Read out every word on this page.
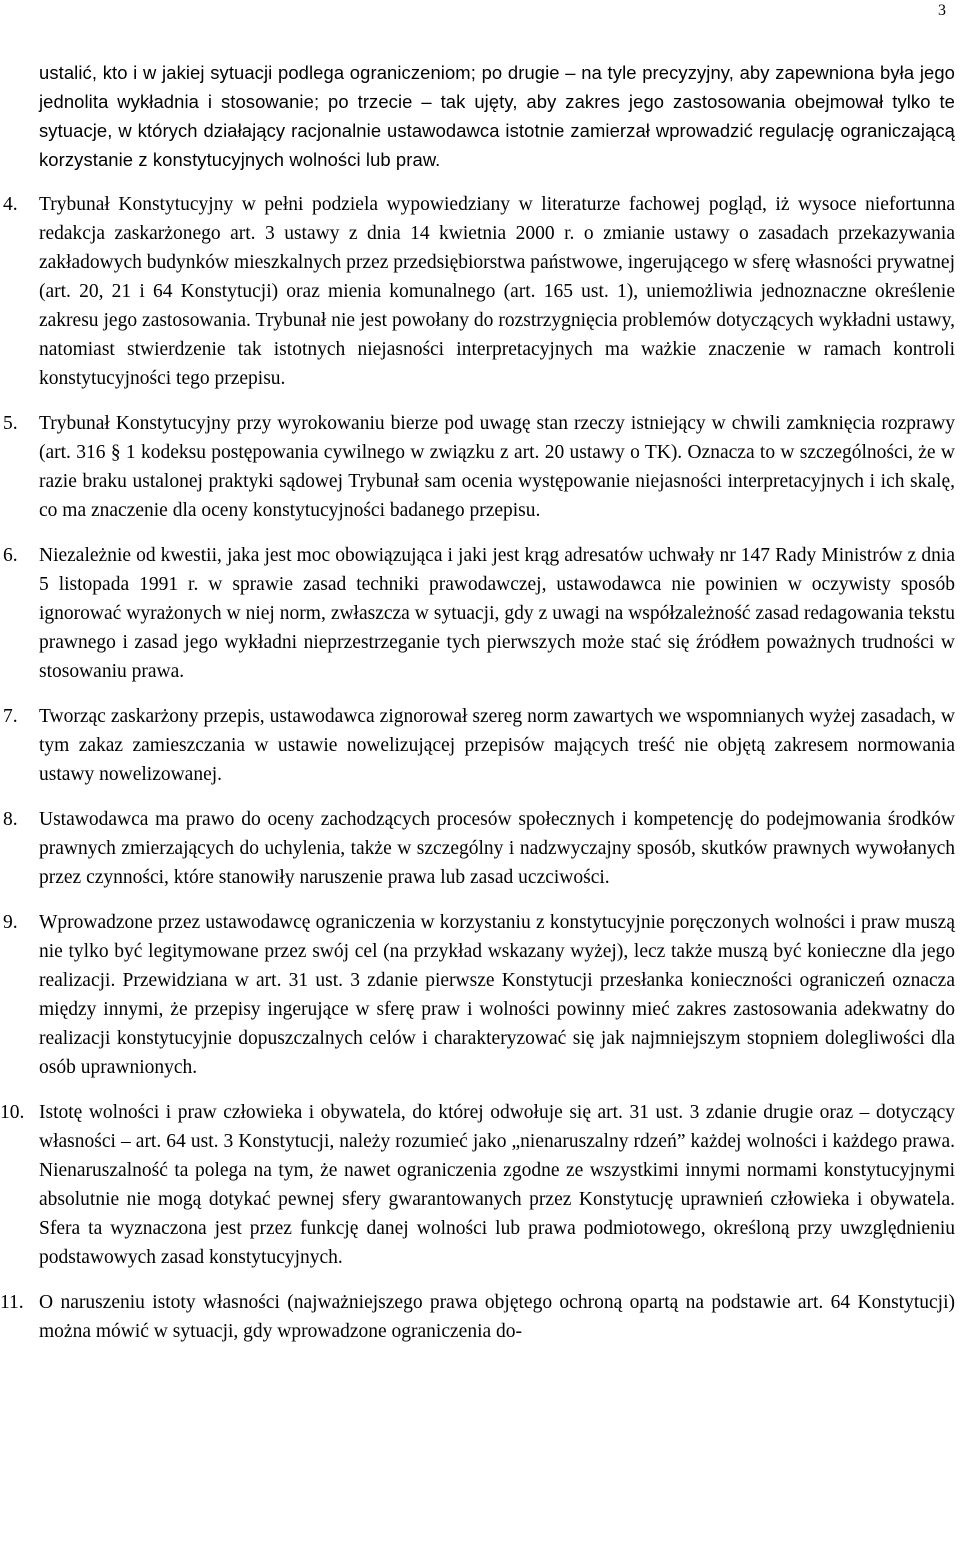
3

ustalić, kto i w jakiej sytuacji podlega ograniczeniom; po drugie – na tyle precyzyjny, aby zapewniona była jego jednolita wykładnia i stosowanie; po trzecie – tak ujęty, aby zakres jego zastosowania obejmował tylko te sytuacje, w których działający racjonalnie ustawodawca istotnie zamierzał wprowadzić regulację ograniczającą korzystanie z konstytucyjnych wolności lub praw.

4.	Trybunał Konstytucyjny w pełni podziela wypowiedziany w literaturze fachowej pogląd, iż wysoce niefortunna redakcja zaskarżonego art. 3 ustawy z dnia 14 kwietnia 2000 r. o zmianie ustawy o zasadach przekazywania zakładowych budynków mieszkalnych przez przedsiębiorstwa państwowe, ingerującego w sferę własności prywatnej (art. 20, 21 i 64 Konstytucji) oraz mienia komunalnego (art. 165 ust. 1), uniemożliwia jednoznaczne określenie zakresu jego zastosowania. Trybunał nie jest powołany do rozstrzygnięcia problemów dotyczących wykładni ustawy, natomiast stwierdzenie tak istotnych niejasności interpretacyjnych ma ważkie znaczenie w ramach kontroli konstytucyjności tego przepisu.
5.	Trybunał Konstytucyjny przy wyrokowaniu bierze pod uwagę stan rzeczy istniejący w chwili zamknięcia rozprawy (art. 316 § 1 kodeksu postępowania cywilnego w związku z art. 20 ustawy o TK). Oznacza to w szczególności, że w razie braku ustalonej praktyki sądowej Trybunał sam ocenia występowanie niejasności interpretacyjnych i ich skalę, co ma znaczenie dla oceny konstytucyjności badanego przepisu.
6.	Niezależnie od kwestii, jaka jest moc obowiązująca i jaki jest krąg adresatów uchwały nr 147 Rady Ministrów z dnia 5 listopada 1991 r. w sprawie zasad techniki prawodawczej, ustawodawca nie powinien w oczywisty sposób ignorować wyrażonych w niej norm, zwłaszcza w sytuacji, gdy z uwagi na współzależność zasad redagowania tekstu prawnego i zasad jego wykładni nieprzestrzeganie tych pierwszych może stać się źródłem poważnych trudności w stosowaniu prawa.
7.	Tworząc zaskarżony przepis, ustawodawca zignorował szereg norm zawartych we wspomnianych wyżej zasadach, w tym zakaz zamieszczania w ustawie nowelizującej przepisów mających treść nie objętą zakresem normowania ustawy nowelizowanej.
8.	Ustawodawca ma prawo do oceny zachodzących procesów społecznych i kompetencję do podejmowania środków prawnych zmierzających do uchylenia, także w szczególny i nadzwyczajny sposób, skutków prawnych wywołanych przez czynności, które stanowiły naruszenie prawa lub zasad uczciwości.
9.	Wprowadzone przez ustawodawcę ograniczenia w korzystaniu z konstytucyjnie poręczonych wolności i praw muszą nie tylko być legitymowane przez swój cel (na przykład wskazany wyżej), lecz także muszą być konieczne dla jego realizacji. Przewidziana w art. 31 ust. 3 zdanie pierwsze Konstytucji przesłanka konieczności ograniczeń oznacza między innymi, że przepisy ingerujące w sferę praw i wolności powinny mieć zakres zastosowania adekwatny do realizacji konstytucyjnie dopuszczalnych celów i charakteryzować się jak najmniejszym stopniem dolegliwości dla osób uprawnionych.
10. Istotę wolności i praw człowieka i obywatela, do której odwołuje się art. 31 ust. 3 zdanie drugie oraz – dotyczący własności – art. 64 ust. 3 Konstytucji, należy rozumieć jako „nienaruszalny rdzeń” każdej wolności i każdego prawa. Nienaruszalność ta polega na tym, że nawet ograniczenia zgodne ze wszystkimi innymi normami konstytucyjnymi absolutnie nie mogą dotykać pewnej sfery gwarantowanych przez Konstytucję uprawnień człowieka i obywatela. Sfera ta wyznaczona jest przez funkcję danej wolności lub prawa podmiotowego, określoną przy uwzględnieniu podstawowych zasad konstytucyjnych.
11. O naruszeniu istoty własności (najważniejszego prawa objętego ochroną opartą na podstawie art. 64 Konstytucji) można mówić w sytuacji, gdy wprowadzone ograniczenia do-
